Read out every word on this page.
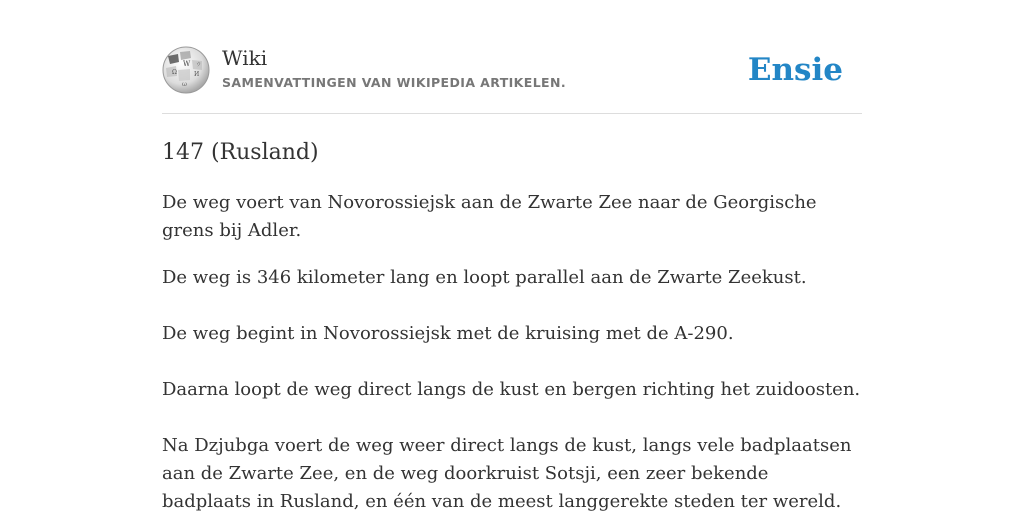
W
Ω	И
ω
ウ Wiki
SAMENVATTINGEN VAN WIKIPEDIA ARTIKELEN.	Ensie
147 (Rusland)

De weg voert van Novorossiejsk aan de Zwarte Zee naar de Georgische grens bij Adler.

De weg is 346 kilometer lang en loopt parallel aan de Zwarte Zeekust.

De weg begint in Novorossiejsk met de kruising met de A-290.

Daarna loopt de weg direct langs de kust en bergen richting het zuidoosten.

Na Dzjubga voert de weg weer direct langs de kust, langs vele badplaatsen aan de Zwarte Zee, en de weg doorkruist Sotsji, een zeer bekende badplaats in Rusland, en één van de meest langgerekte steden ter wereld.
